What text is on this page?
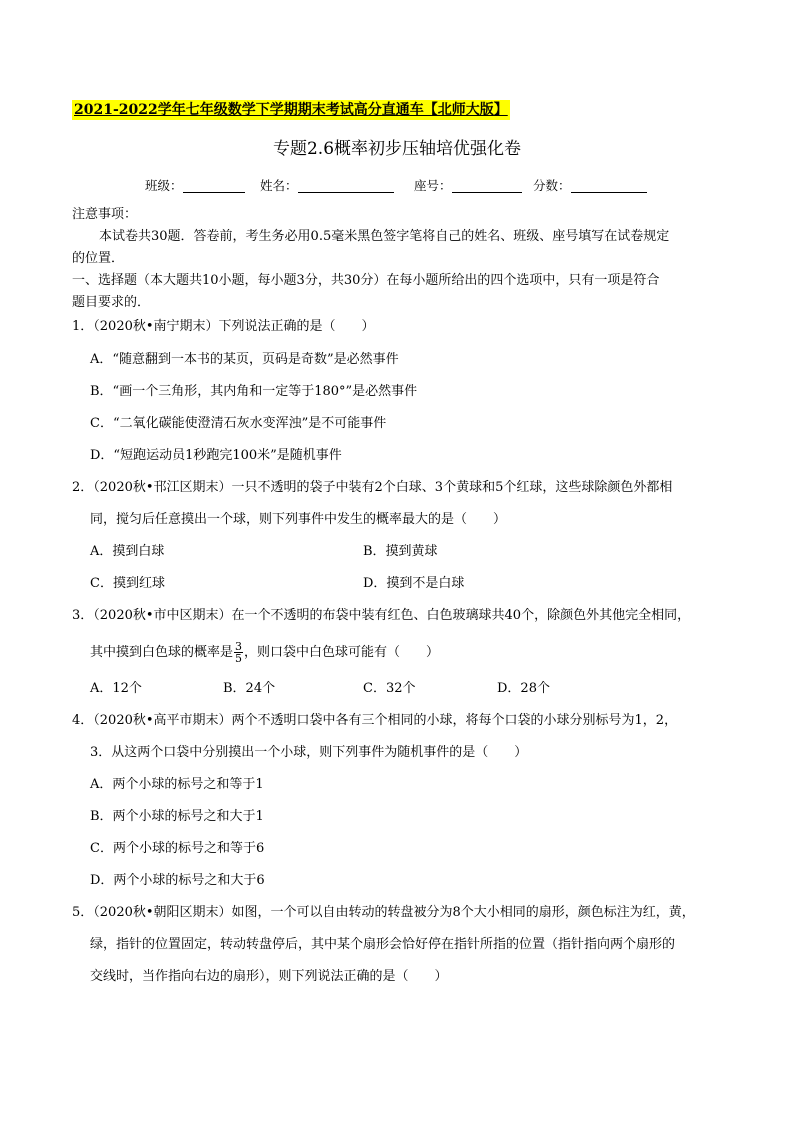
2021-2022学年七年级数学下学期期末考试高分直通车【北师大版】
专题2.6概率初步压轴培优强化卷
班级：	姓名：	座号：	分数：
注意事项：
本试卷共30题．答卷前，考生务必用0.5毫米黑色签字笔将自己的姓名、班级、座号填写在试卷规定
的位置．
一、选择题（本大题共10小题，每小题3分，共30分）在每小题所给出的四个选项中，只有一项是符合
题目要求的．
1．（2020秋•南宁期末）下列说法正确的是（　　）
A．“随意翻到一本书的某页，页码是奇数”是必然事件
B．“画一个三角形，其内角和一定等于180°”是必然事件
C．“二氧化碳能使澄清石灰水变浑浊”是不可能事件
D．“短跑运动员1秒跑完100米”是随机事件
2．（2020秋•邗江区期末）一只不透明的袋子中装有2个白球、3个黄球和5个红球，这些球除颜色外都相
同，搅匀后任意摸出一个球，则下列事件中发生的概率最大的是（　　）
A．摸到白球	B．摸到黄球
C．摸到红球	D．摸到不是白球
3．（2020秋•市中区期末）在一个不透明的布袋中装有红色、白色玻璃球共40个，除颜色外其他完全相同，
其中摸到白色球的概率是 $\frac{3}{5}$ ，则口袋中白色球可能有（　　）
A．12个	B．24个	C．32个	D．28个
4．（2020秋•高平市期末）两个不透明口袋中各有三个相同的小球，将每个口袋的小球分别标号为1，2，
3．从这两个口袋中分别摸出一个小球，则下列事件为随机事件的是（　　）
A．两个小球的标号之和等于1
B．两个小球的标号之和大于1
C．两个小球的标号之和等于6
D．两个小球的标号之和大于6
5．（2020秋•朝阳区期末）如图，一个可以自由转动的转盘被分为8个大小相同的扇形，颜色标注为红，黄，
绿，指针的位置固定，转动转盘停后，其中某个扇形会恰好停在指针所指的位置（指针指向两个扇形的
交线时，当作指向右边的扇形），则下列说法正确的是（　　）
